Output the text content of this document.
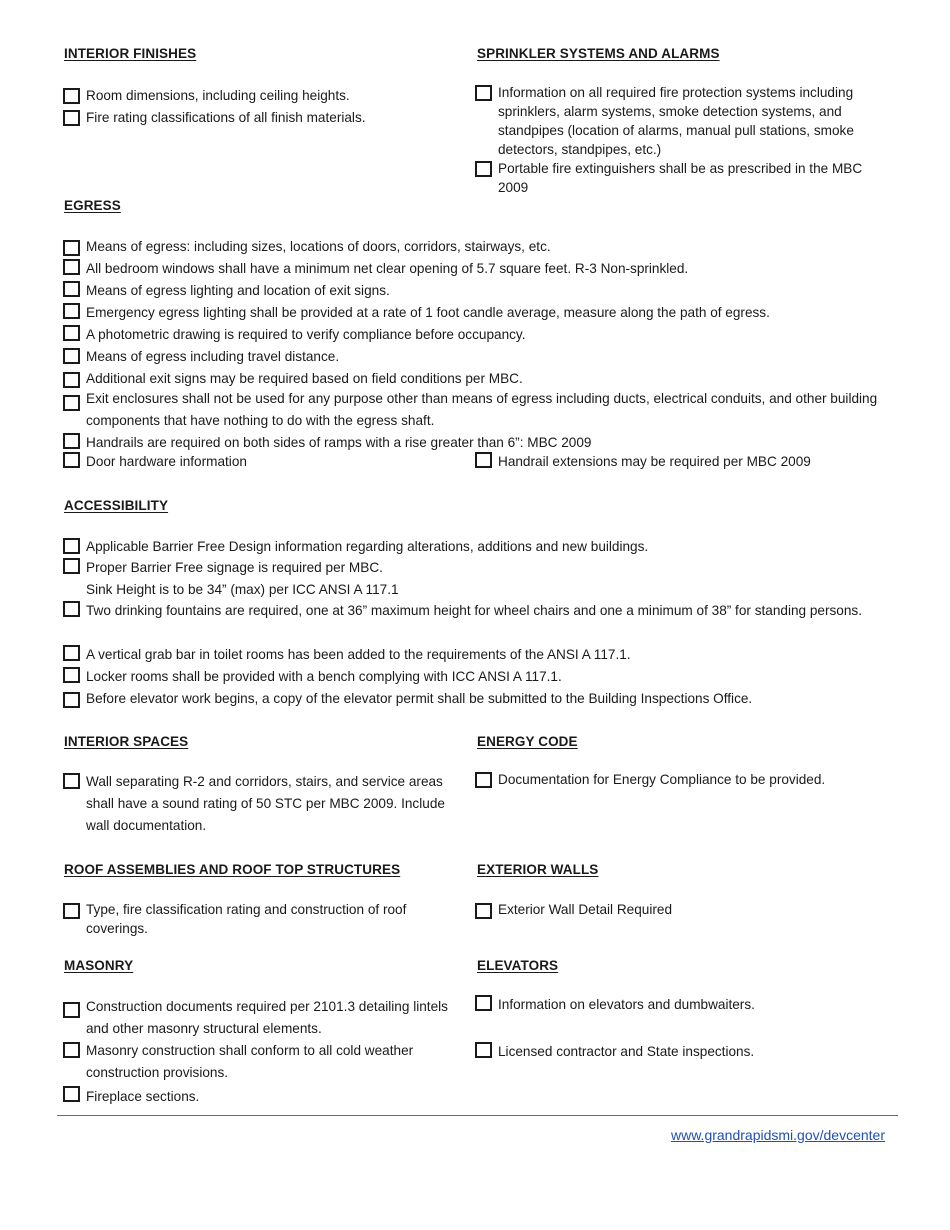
INTERIOR FINISHES
Room dimensions, including ceiling heights.
Fire rating classifications of all finish materials.
SPRINKLER SYSTEMS AND ALARMS
Information on all required fire protection systems including sprinklers, alarm systems, smoke detection systems, and standpipes (location of alarms, manual pull stations, smoke detectors, standpipes, etc.)
Portable fire extinguishers shall be as prescribed in the MBC 2009
EGRESS
Means of egress: including sizes, locations of doors, corridors, stairways, etc.
All bedroom windows shall have a minimum net clear opening of 5.7 square feet. R-3 Non-sprinkled.
Means of egress lighting and location of exit signs.
Emergency egress lighting shall be provided at a rate of 1 foot candle average, measure along the path of egress.
A photometric drawing is required to verify compliance before occupancy.
Means of egress including travel distance.
Additional exit signs may be required based on field conditions per MBC.
Exit enclosures shall not be used for any purpose other than means of egress including ducts, electrical conduits, and other building components that have nothing to do with the egress shaft.
Handrails are required on both sides of ramps with a rise greater than 6”: MBC 2009
Door hardware information	Handrail extensions may be required per MBC 2009
ACCESSIBILITY
Applicable Barrier Free Design information regarding alterations, additions and new buildings.
Proper Barrier Free signage is required per MBC.
Sink Height is to be 34” (max) per ICC ANSI A 117.1
Two drinking fountains are required, one at 36” maximum height for wheel chairs and one a minimum of 38” for standing persons.
A vertical grab bar in toilet rooms has been added to the requirements of the ANSI A 117.1.
Locker rooms shall be provided with a bench complying with ICC ANSI A 117.1.
Before elevator work begins, a copy of the elevator permit shall be submitted to the Building Inspections Office.
INTERIOR SPACES
Wall separating R-2 and corridors, stairs, and service areas shall have a sound rating of 50 STC per MBC 2009. Include wall documentation.
ENERGY CODE
Documentation for Energy Compliance to be provided.
ROOF ASSEMBLIES AND ROOF TOP STRUCTURES
Type, fire classification rating and construction of roof coverings.
EXTERIOR WALLS
Exterior Wall Detail Required
MASONRY
Construction documents required per 2101.3 detailing lintels and other masonry structural elements.
Masonry construction shall conform to all cold weather construction provisions.
Fireplace sections.
ELEVATORS
Information on elevators and dumbwaiters.
Licensed contractor and State inspections.
www.grandrapidsmi.gov/devcenter
